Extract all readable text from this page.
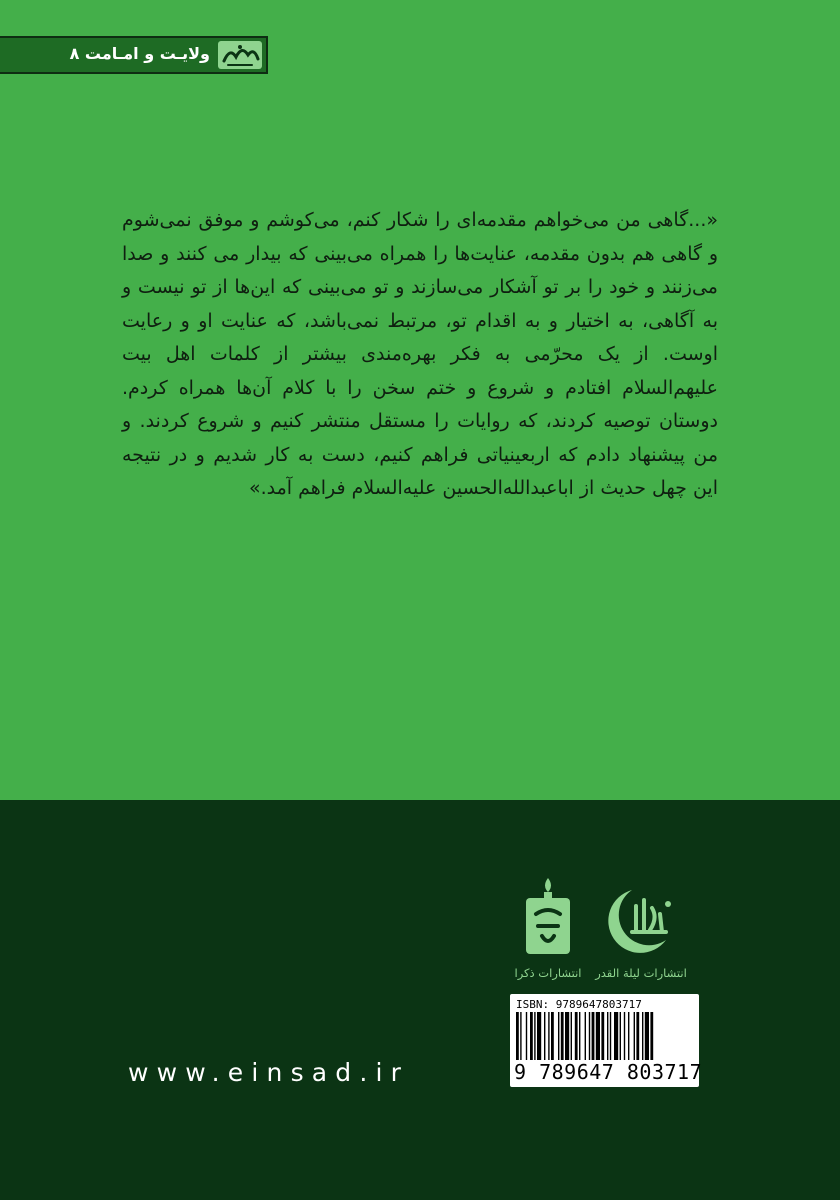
ولایـت و امـامت ۸
«...گاهی من می‌خواهم مقدمه‌ای را شکار کنم، می‌کوشم و موفق نمی‌شوم و گاهی هم بدون مقدمه، عنایت‌ها را همراه می‌بینی که بیدار می کنند و صدا می‌زنند و خود را بر تو آشکار می‌سازند و تو می‌بینی که این‌ها از تو نیست و به آگاهی، به اختیار و به اقدام تو، مرتبط نمی‌باشد، که عنایت او و رعایت اوست. از یک محرّمی به فکر بهره‌مندی بیشتر از کلمات اهل بیت علیهم‌السلام افتادم و شروع و ختم سخن را با کلام آن‌ها همراه کردم. دوستان توصیه کردند، که روایات را مستقل منتشر کنیم و شروع کردند. و من پیشنهاد دادم که اربعینیاتی فراهم کنیم، دست به کار شدیم و در نتیجه این چهل حدیث از اباعبدالله‌الحسین علیه‌السلام فراهم آمد.»
انتشارات لیلة القدر
انتشارات ذکرا
ISBN: 9789647803717
9 789647 803717
www.einsad.ir
